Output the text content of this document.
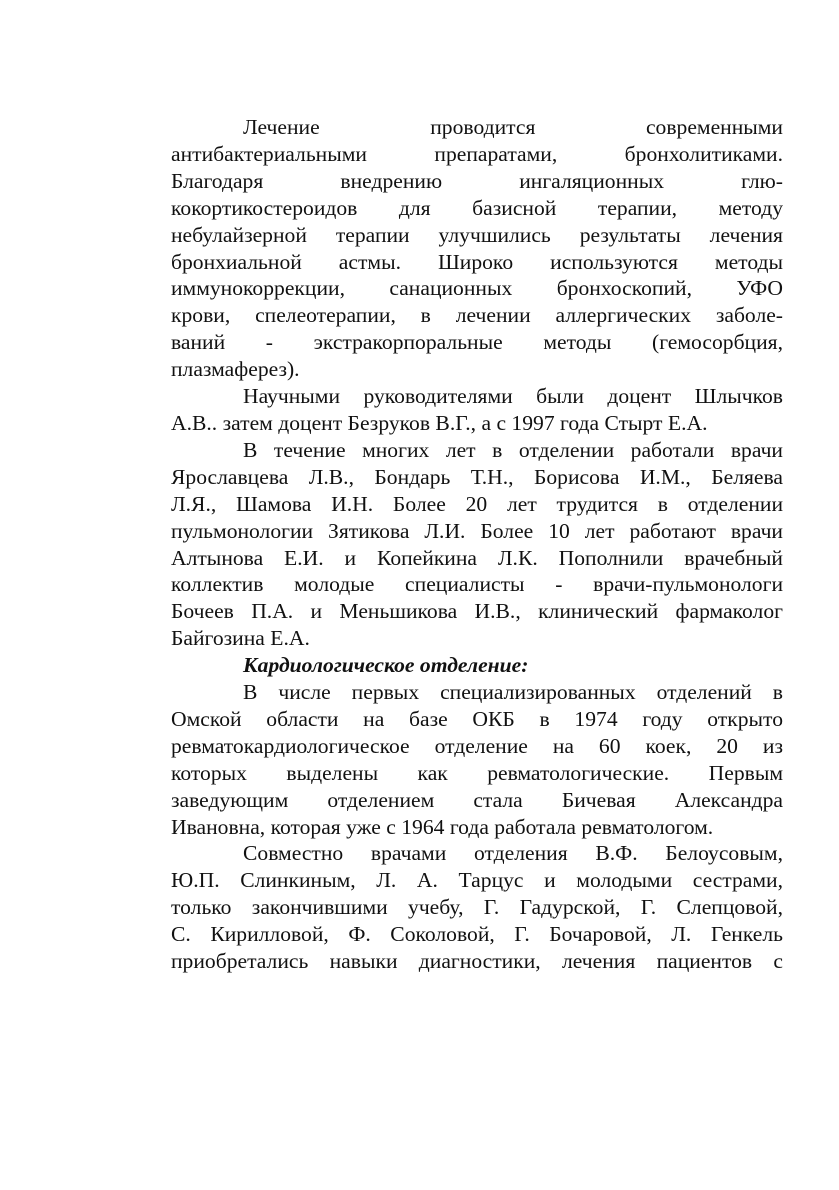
Лечение проводится современными
антибактериальными препаратами, бронхолитиками.
Благодаря внедрению ингаляционных глю-
кокортикостероидов для базисной терапии, методу
небулайзерной терапии улучшились результаты лечения
бронхиальной астмы. Широко используются методы
иммунокоррекции, санационных бронхоскопий, УФО
крови, спелеотерапии, в лечении аллергических заболе-
ваний - экстракорпоральные методы (гемосорбция,
плазмаферез).
Научными руководителями были доцент Шлычков
А.В.. затем доцент Безруков В.Г., а с 1997 года Стырт Е.А.
В течение многих лет в отделении работали врачи
Ярославцева Л.В., Бондарь Т.Н., Борисова И.М., Беляева
Л.Я., Шамова И.Н. Более 20 лет трудится в отделении
пульмонологии Зятикова Л.И. Более 10 лет работают врачи
Алтынова Е.И. и Копейкина Л.К. Пополнили врачебный
коллектив молодые специалисты - врачи-пульмонологи
Бочеев П.А. и Меньшикова И.В., клинический фармаколог
Байгозина Е.А.
Кардиологическое отделение:
В числе первых специализированных отделений в
Омской области на базе ОКБ в 1974 году открыто
ревматокардиологическое отделение на 60 коек, 20 из
которых выделены как ревматологические. Первым
заведующим отделением стала Бичевая Александра
Ивановна, которая уже с 1964 года работала ревматологом.
Совместно врачами отделения В.Ф. Белоусовым,
Ю.П. Слинкиным, Л. А. Тарцус и молодыми сестрами,
только закончившими учебу, Г. Гадурской, Г. Слепцовой,
С. Кирилловой, Ф. Соколовой, Г. Бочаровой, Л. Генкель
приобретались навыки диагностики, лечения пациентов с
